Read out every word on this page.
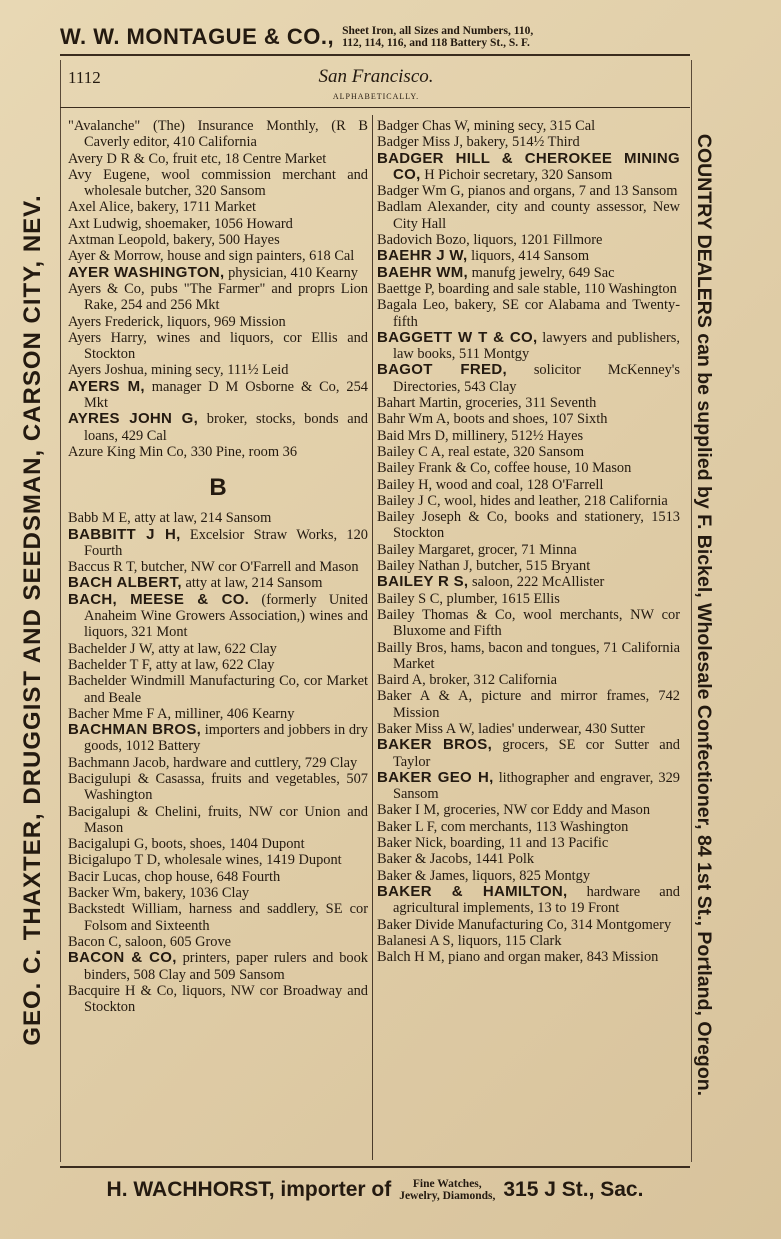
W. W. MONTAGUE & CO., Sheet Iron, all Sizes and Numbers, 110,
112, 114, 116, and 118 Battery St., S. F.
GEO. C. THAXTER, DRUGGIST AND SEEDSMAN, CARSON CITY, NEV.	COUNTRY DEALERS can be supplied by F. Bickel, Wholesale Confectioner, 84 1st St., Portland, Oregon.
1112	San Francisco.
ALPHABETICALLY.
"Avalanche" (The) Insurance Monthly, (R B Caverly editor, 410 California
Avery D R & Co, fruit etc, 18 Centre Market
Avy Eugene, wool commission merchant and wholesale butcher, 320 Sansom
Axel Alice, bakery, 1711 Market
Axt Ludwig, shoemaker, 1056 Howard
Axtman Leopold, bakery, 500 Hayes
Ayer & Morrow, house and sign painters, 618 Cal
AYER WASHINGTON, physician, 410 Kearny
Ayers & Co, pubs "The Farmer" and proprs Lion Rake, 254 and 256 Mkt
Ayers Frederick, liquors, 969 Mission
Ayers Harry, wines and liquors, cor Ellis and Stockton
Ayers Joshua, mining secy, 111½ Leid
AYERS M, manager D M Osborne & Co, 254 Mkt
AYRES JOHN G, broker, stocks, bonds and loans, 429 Cal
Azure King Min Co, 330 Pine, room 36
B
Babb M E, atty at law, 214 Sansom
BABBITT J H, Excelsior Straw Works, 120 Fourth
Baccus R T, butcher, NW cor O'Farrell and Mason
BACH ALBERT, atty at law, 214 Sansom
BACH, MEESE & CO. (formerly United Anaheim Wine Growers Association,) wines and liquors, 321 Mont
Bachelder J W, atty at law, 622 Clay
Bachelder T F, atty at law, 622 Clay
Bachelder Windmill Manufacturing Co, cor Market and Beale
Bacher Mme F A, milliner, 406 Kearny
BACHMAN BROS, importers and jobbers in dry goods, 1012 Battery
Bachmann Jacob, hardware and cuttlery, 729 Clay
Bacigulupi & Casassa, fruits and vegetables, 507 Washington
Bacigalupi & Chelini, fruits, NW cor Union and Mason
Bacigalupi G, boots, shoes, 1404 Dupont
Bicigalupo T D, wholesale wines, 1419 Dupont
Bacir Lucas, chop house, 648 Fourth
Backer Wm, bakery, 1036 Clay
Backstedt William, harness and saddlery, SE cor Folsom and Sixteenth
Bacon C, saloon, 605 Grove
BACON & CO, printers, paper rulers and book binders, 508 Clay and 509 Sansom
Bacquire H & Co, liquors, NW cor Broadway and Stockton
Badger Chas W, mining secy, 315 Cal
Badger Miss J, bakery, 514½ Third
BADGER HILL & CHEROKEE MINING CO, H Pichoir secretary, 320 Sansom
Badger Wm G, pianos and organs, 7 and 13 Sansom
Badlam Alexander, city and county assessor, New City Hall
Badovich Bozo, liquors, 1201 Fillmore
BAEHR J W, liquors, 414 Sansom
BAEHR WM, manufg jewelry, 649 Sac
Baettge P, boarding and sale stable, 110 Washington
Bagala Leo, bakery, SE cor Alabama and Twenty-fifth
BAGGETT W T & CO, lawyers and publishers, law books, 511 Montgy
BAGOT FRED, solicitor McKenney's Directories, 543 Clay
Bahart Martin, groceries, 311 Seventh
Bahr Wm A, boots and shoes, 107 Sixth
Baid Mrs D, millinery, 512½ Hayes
Bailey C A, real estate, 320 Sansom
Bailey Frank & Co, coffee house, 10 Mason
Bailey H, wood and coal, 128 O'Farrell
Bailey J C, wool, hides and leather, 218 California
Bailey Joseph & Co, books and stationery, 1513 Stockton
Bailey Margaret, grocer, 71 Minna
Bailey Nathan J, butcher, 515 Bryant
BAILEY R S, saloon, 222 McAllister
Bailey S C, plumber, 1615 Ellis
Bailey Thomas & Co, wool merchants, NW cor Bluxome and Fifth
Bailly Bros, hams, bacon and tongues, 71 California Market
Baird A, broker, 312 California
Baker A & A, picture and mirror frames, 742 Mission
Baker Miss A W, ladies' underwear, 430 Sutter
BAKER BROS, grocers, SE cor Sutter and Taylor
BAKER GEO H, lithographer and engraver, 329 Sansom
Baker I M, groceries, NW cor Eddy and Mason
Baker L F, com merchants, 113 Washington
Baker Nick, boarding, 11 and 13 Pacific
Baker & Jacobs, 1441 Polk
Baker & James, liquors, 825 Montgy
BAKER & HAMILTON, hardware and agricultural implements, 13 to 19 Front
Baker Divide Manufacturing Co, 314 Montgomery
Balanesi A S, liquors, 115 Clark
Balch H M, piano and organ maker, 843 Mission
H. WACHHORST, importer of	Fine Watches,
Jewelry, Diamonds, 315 J St., Sac.
